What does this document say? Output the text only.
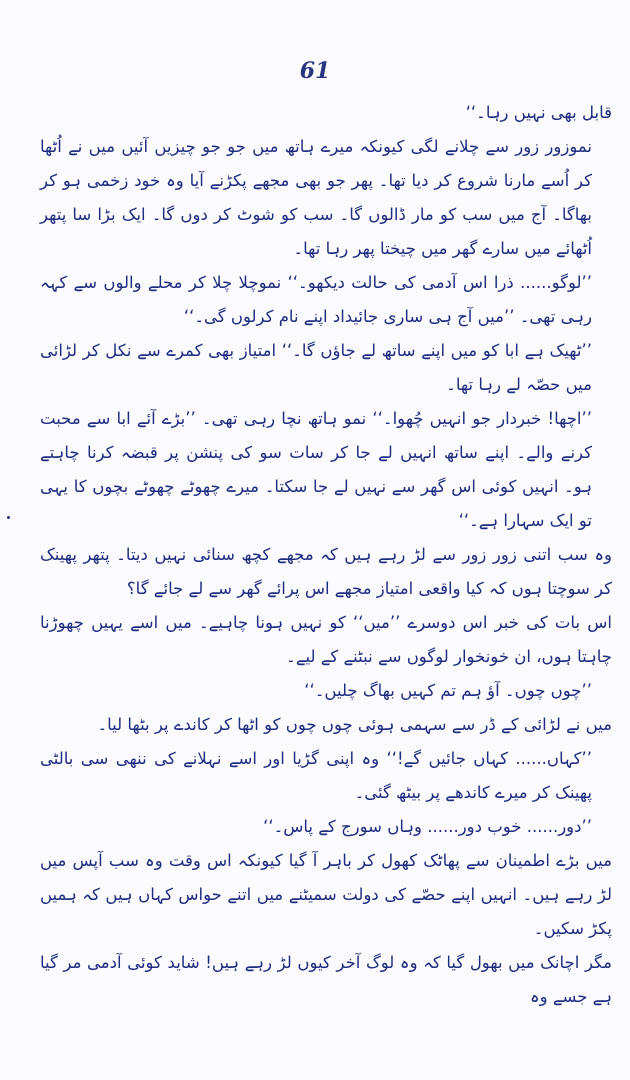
61

قابل بھی نہیں رہا۔‘‘

نموزور زور سے چلانے لگی کیونکہ میرے ہاتھ میں جو جو چیزیں آئیں میں نے اُٹھا کر اُسے مارنا شروع کر دیا تھا۔ پھر جو بھی مجھے پکڑنے آیا وہ خود زخمی ہو کر بھاگا۔ آج میں سب کو مار ڈالوں گا۔ سب کو شوٹ کر دوں گا۔ ایک بڑا سا پتھر اُٹھائے میں سارے گھر میں چیختا پھر رہا تھا۔

’’لوگو...... ذرا اس آدمی کی حالت دیکھو۔‘‘ نموچلا چلا کر محلے والوں سے کہہ رہی تھی۔ ’’میں آج ہی ساری جائیداد اپنے نام کرلوں گی۔‘‘

’’ٹھیک ہے ابا کو میں اپنے ساتھ لے جاؤں گا۔‘‘ امتیاز بھی کمرے سے نکل کر لڑائی میں حصّہ لے رہا تھا۔

’’اچھا! خبردار جو انہیں چُھوا۔‘‘ نمو ہاتھ نچا رہی تھی۔ ’’بڑے آئے ابا سے محبت کرنے والے۔ اپنے ساتھ انہیں لے جا کر سات سو کی پنشن پر قبضہ کرنا چاہتے ہو۔ انہیں کوئی اس گھر سے نہیں لے جا سکتا۔ میرے چھوٹے چھوٹے بچوں کا یہی تو ایک سہارا ہے۔‘‘

وہ سب اتنی زور زور سے لڑ رہے ہیں کہ مجھے کچھ سنائی نہیں دیتا۔ پتھر پھینک کر سوچتا ہوں کہ کیا واقعی امتیاز مجھے اس پرائے گھر سے لے جائے گا؟

اس بات کی خبر اس دوسرے ’’میں‘‘ کو نہیں ہونا چاہیے۔ میں اسے یہیں چھوڑنا چاہتا ہوں، ان خونخوار لوگوں سے نبٹنے کے لیے۔

’’چوں چوں۔ آؤ ہم تم کہیں بھاگ چلیں۔‘‘

میں نے لڑائی کے ڈر سے سہمی ہوئی چوں چوں کو اٹھا کر کاندے پر بٹھا لیا۔

’’کہاں...... کہاں جائیں گے!‘‘ وہ اپنی گڑیا اور اسے نہلانے کی ننھی سی بالٹی پھینک کر میرے کاندھے پر بیٹھ گئی۔

’’دور...... خوب دور...... وہاں سورج کے پاس۔‘‘

میں بڑے اطمینان سے پھاٹک کھول کر باہر آ گیا کیونکہ اس وقت وہ سب آپس میں لڑ رہے ہیں۔ انہیں اپنے حصّے کی دولت سمیٹنے میں اتنے حواس کہاں ہیں کہ ہمیں پکڑ سکیں۔

مگر اچانک میں بھول گیا کہ وہ لوگ آخر کیوں لڑ رہے ہیں! شاید کوئی آدمی مر گیا ہے جسے وہ
